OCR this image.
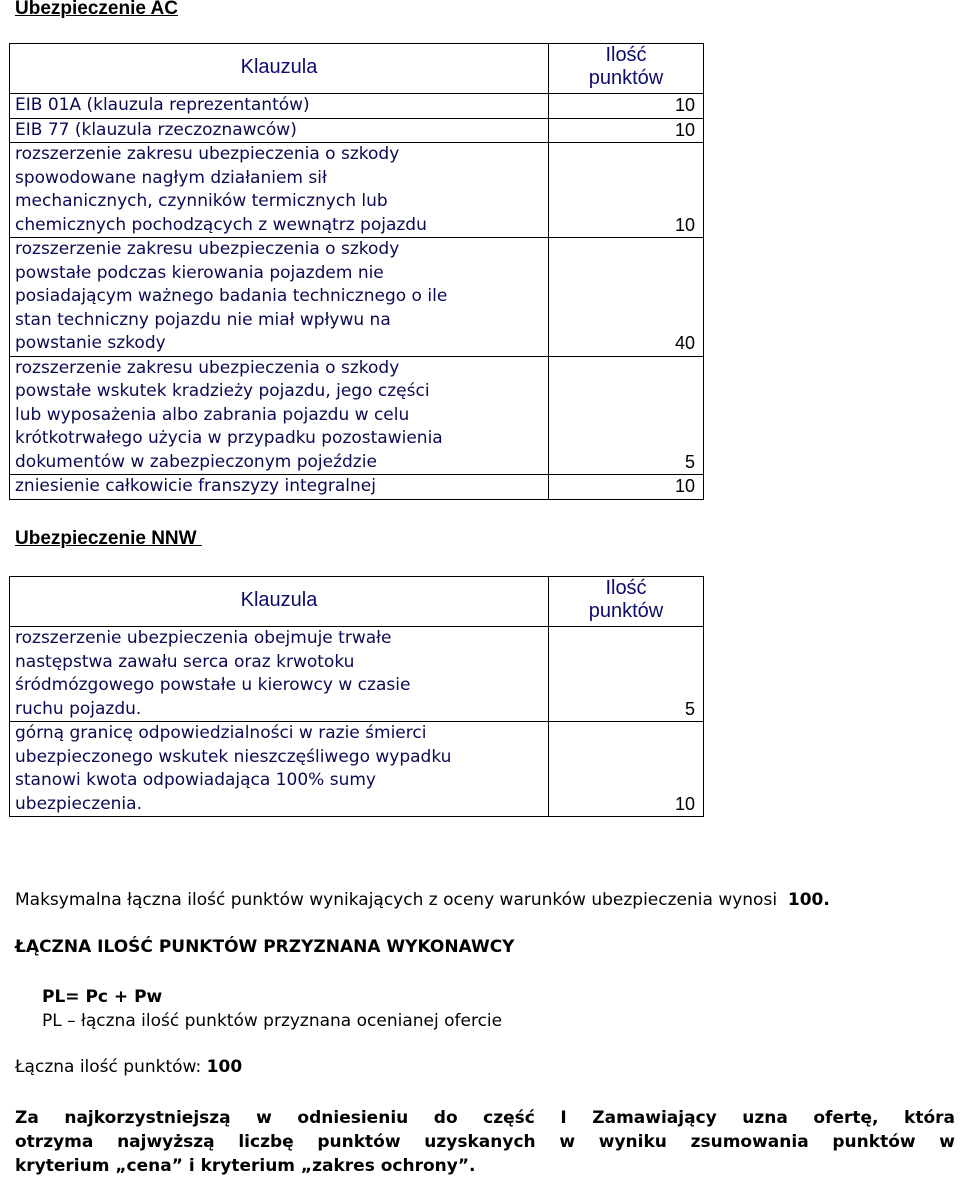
Ubezpieczenie AC
Klauzula	Ilość
punktów

EIB 01A (klauzula reprezentantów)	10

EIB 77 (klauzula rzeczoznawców)	10

rozszerzenie zakresu ubezpieczenia o szkody
spowodowane nagłym działaniem sił
mechanicznych, czynników termicznych lub
chemicznych pochodzących z wewnątrz pojazdu	10

rozszerzenie zakresu ubezpieczenia o szkody
powstałe podczas kierowania pojazdem nie
posiadającym ważnego badania technicznego o ile
stan techniczny pojazdu nie miał wpływu na
powstanie szkody	40

rozszerzenie zakresu ubezpieczenia o szkody
powstałe wskutek kradzieży pojazdu, jego części
lub wyposażenia albo zabrania pojazdu w celu
krótkotrwałego użycia w przypadku pozostawienia
dokumentów w zabezpieczonym pojeździe	5

zniesienie całkowicie franszyzy integralnej	10
Ubezpieczenie NNW
Klauzula	Ilość
punktów

rozszerzenie ubezpieczenia obejmuje trwałe
następstwa zawału serca oraz krwotoku
śródmózgowego powstałe u kierowcy w czasie
ruchu pojazdu.	5

górną granicę odpowiedzialności w razie śmierci
ubezpieczonego wskutek nieszczęśliwego wypadku
stanowi kwota odpowiadająca 100% sumy
ubezpieczenia.	10

Maksymalna łączna ilość punktów wynikających z oceny warunków ubezpieczenia wynosi 100.

ŁĄCZNA ILOŚĆ PUNKTÓW PRZYZNANA WYKONAWCY

PL= Pc + Pw

PL – łączna ilość punktów przyznana ocenianej ofercie

Łączna ilość punktów: 100

Za najkorzystniejszą w odniesieniu do część I Zamawiający uzna ofertę, która
otrzyma najwyższą liczbę punktów uzyskanych w wyniku zsumowania punktów w
kryterium „cena” i kryterium „zakres ochrony”.
